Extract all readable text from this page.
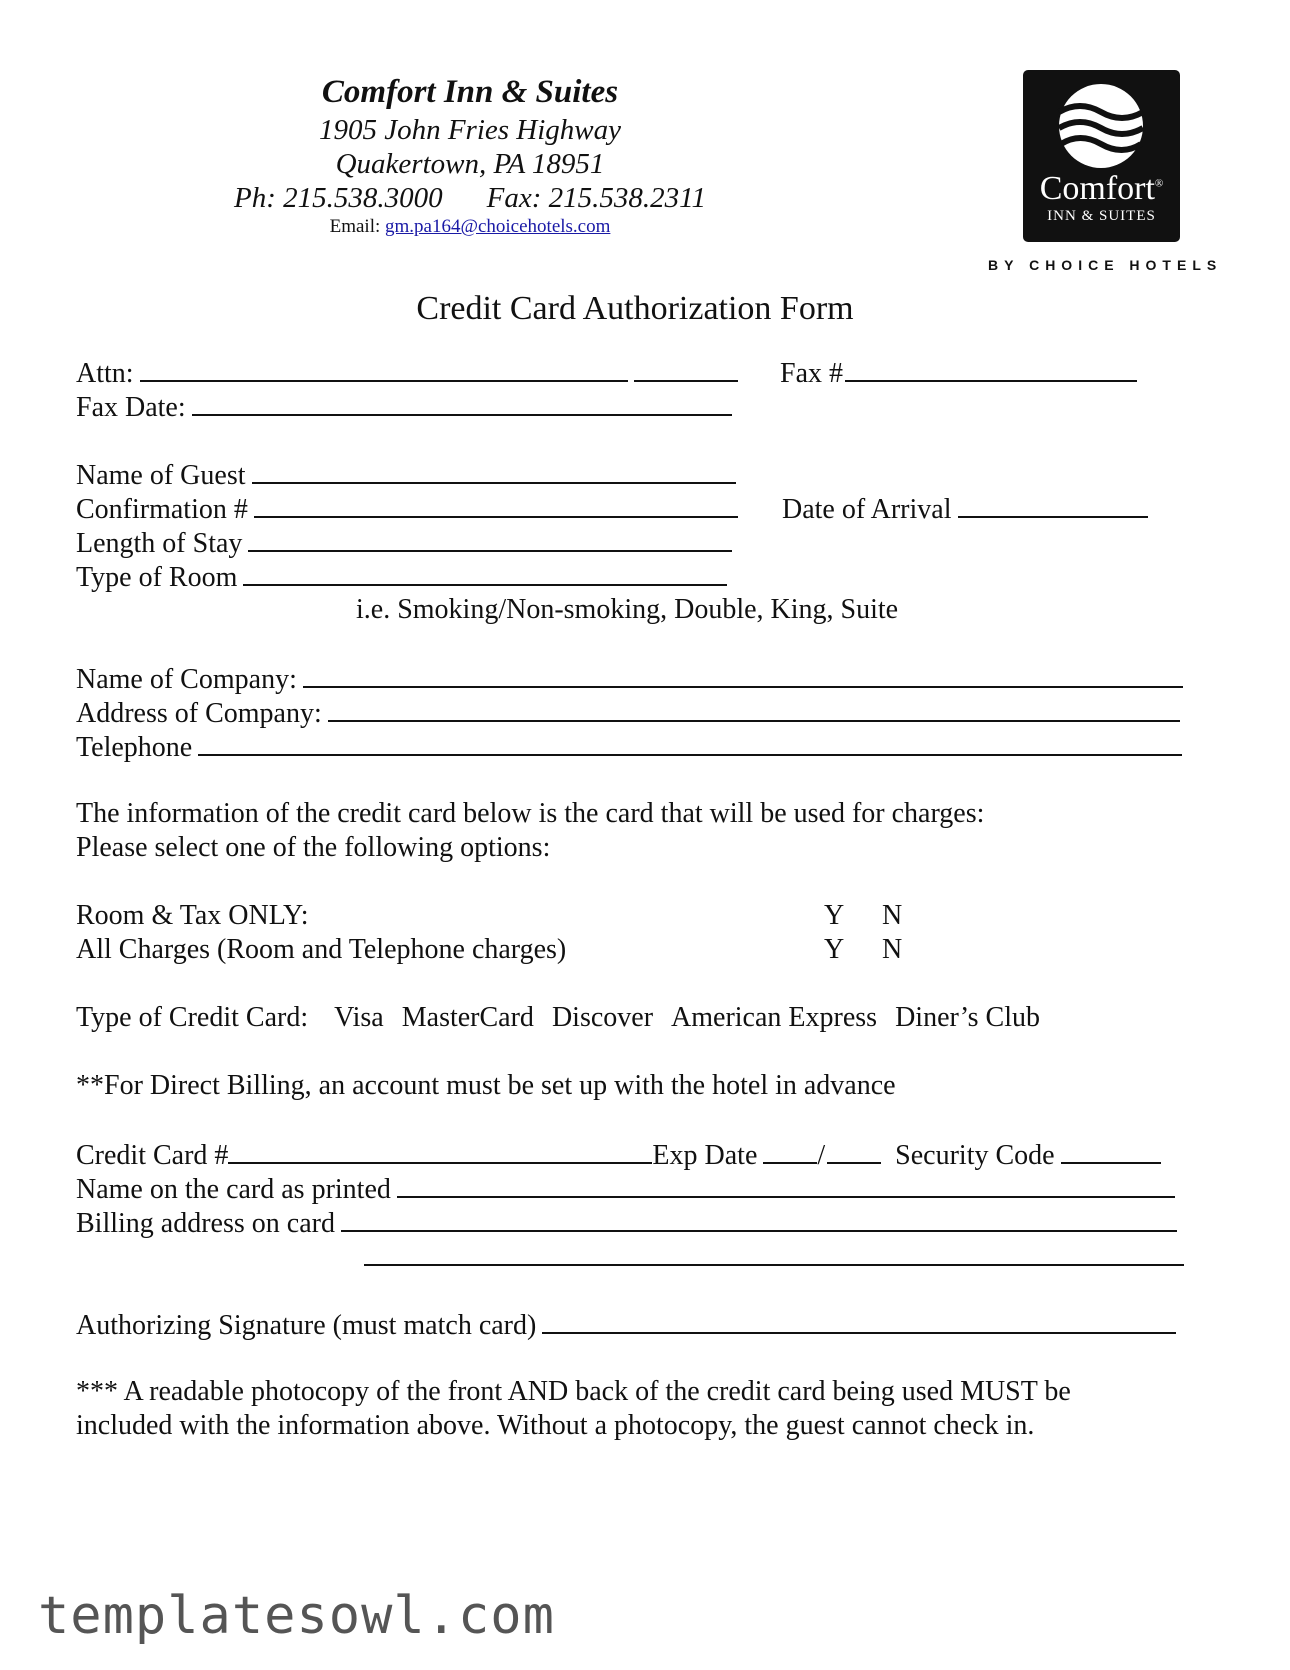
Comfort Inn & Suites
1905 John Fries Highway
Quakertown, PA 18951
Ph: 215.538.3000 Fax: 215.538.2311
Email: gm.pa164@choicehotels.com
Comfort®
INN & SUITES
BY CHOICE HOTELS
Credit Card Authorization Form
Attn:	Fax #
Fax Date:
Name of Guest
Confirmation #	Date of Arrival
Length of Stay
Type of Room
i.e. Smoking/Non-smoking, Double, King, Suite
Name of Company:
Address of Company:
Telephone
The information of the credit card below is the card that will be used for charges:
Please select one of the following options:
Room & Tax ONLY:	Y N
All Charges (Room and Telephone charges)	Y N
Type of Credit Card: Visa MasterCard Discover American Express Diner’s Club
**For Direct Billing, an account must be set up with the hotel in advance
Credit Card #	Exp Date /	Security Code
Name on the card as printed
Billing address on card
Authorizing Signature (must match card)
*** A readable photocopy of the front AND back of the credit card being used MUST be
included with the information above. Without a photocopy, the guest cannot check in.
templatesowl.com
